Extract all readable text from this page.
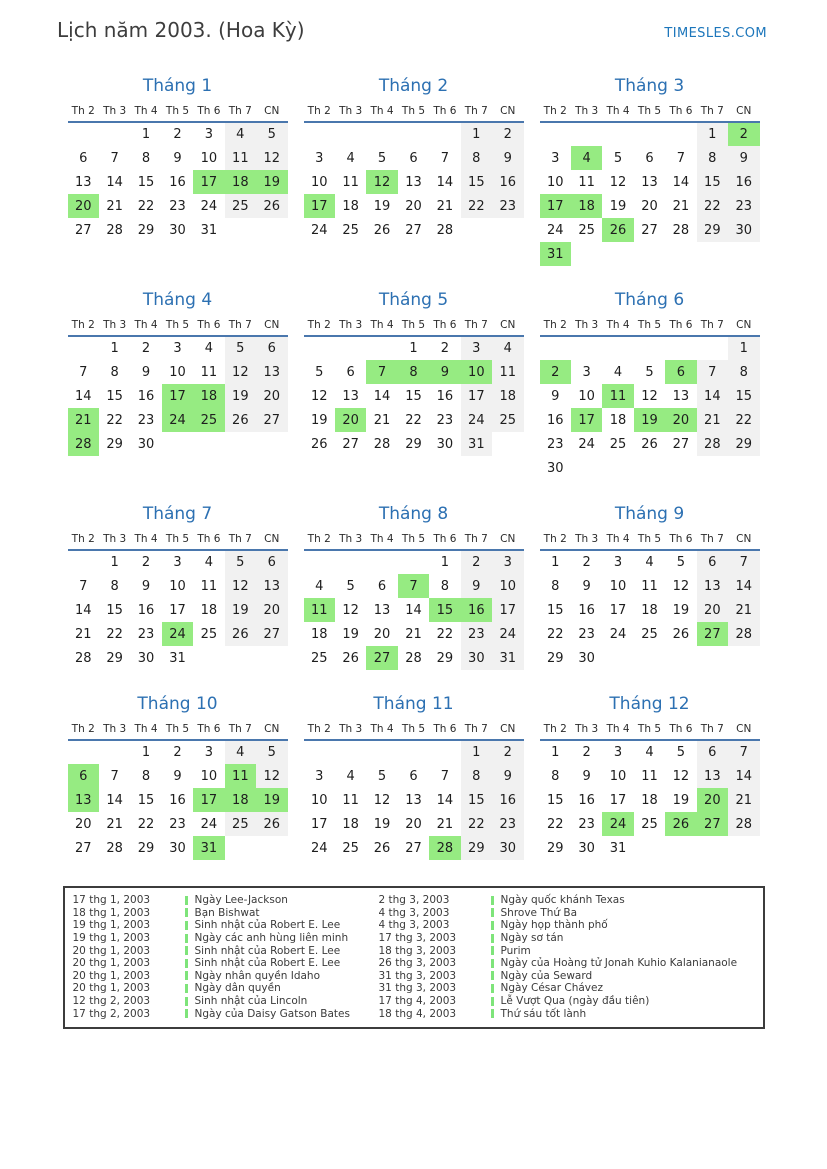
Lịch năm 2003. (Hoa Kỳ)	TIMESLES.COM
Tháng 1
Th 2	Th 3	Th 4	Th 5	Th 6	Th 7	CN
		1	2	3	4	5
6	7	8	9	10	11	12
13	14	15	16	17	18	19
20	21	22	23	24	25	26
27	28	29	30	31		
Tháng 2
Th 2	Th 3	Th 4	Th 5	Th 6	Th 7	CN
					1	2
3	4	5	6	7	8	9
10	11	12	13	14	15	16
17	18	19	20	21	22	23
24	25	26	27	28		
Tháng 3
Th 2	Th 3	Th 4	Th 5	Th 6	Th 7	CN
					1	2
3	4	5	6	7	8	9
10	11	12	13	14	15	16
17	18	19	20	21	22	23
24	25	26	27	28	29	30
31						
Tháng 4
Th 2	Th 3	Th 4	Th 5	Th 6	Th 7	CN
	1	2	3	4	5	6
7	8	9	10	11	12	13
14	15	16	17	18	19	20
21	22	23	24	25	26	27
28	29	30				
Tháng 5
Th 2	Th 3	Th 4	Th 5	Th 6	Th 7	CN
			1	2	3	4
5	6	7	8	9	10	11
12	13	14	15	16	17	18
19	20	21	22	23	24	25
26	27	28	29	30	31	
Tháng 6
Th 2	Th 3	Th 4	Th 5	Th 6	Th 7	CN
						1
2	3	4	5	6	7	8
9	10	11	12	13	14	15
16	17	18	19	20	21	22
23	24	25	26	27	28	29
30						
Tháng 7
Th 2	Th 3	Th 4	Th 5	Th 6	Th 7	CN
	1	2	3	4	5	6
7	8	9	10	11	12	13
14	15	16	17	18	19	20
21	22	23	24	25	26	27
28	29	30	31			
Tháng 8
Th 2	Th 3	Th 4	Th 5	Th 6	Th 7	CN
				1	2	3
4	5	6	7	8	9	10
11	12	13	14	15	16	17
18	19	20	21	22	23	24
25	26	27	28	29	30	31
Tháng 9
Th 2	Th 3	Th 4	Th 5	Th 6	Th 7	CN
1	2	3	4	5	6	7
8	9	10	11	12	13	14
15	16	17	18	19	20	21
22	23	24	25	26	27	28
29	30					
Tháng 10
Th 2	Th 3	Th 4	Th 5	Th 6	Th 7	CN
		1	2	3	4	5
6	7	8	9	10	11	12
13	14	15	16	17	18	19
20	21	22	23	24	25	26
27	28	29	30	31		
Tháng 11
Th 2	Th 3	Th 4	Th 5	Th 6	Th 7	CN
					1	2
3	4	5	6	7	8	9
10	11	12	13	14	15	16
17	18	19	20	21	22	23
24	25	26	27	28	29	30
Tháng 12
Th 2	Th 3	Th 4	Th 5	Th 6	Th 7	CN
1	2	3	4	5	6	7
8	9	10	11	12	13	14
15	16	17	18	19	20	21
22	23	24	25	26	27	28
29	30	31				
17 thg 1, 2003	Ngày Lee-Jackson
18 thg 1, 2003	Bạn Bishwat
19 thg 1, 2003	Sinh nhật của Robert E. Lee
19 thg 1, 2003	Ngày các anh hùng liên minh
20 thg 1, 2003	Sinh nhật của Robert E. Lee
20 thg 1, 2003	Sinh nhật của Robert E. Lee
20 thg 1, 2003	Ngày nhân quyền Idaho
20 thg 1, 2003	Ngày dân quyền
12 thg 2, 2003	Sinh nhật của Lincoln
17 thg 2, 2003	Ngày của Daisy Gatson Bates
2 thg 3, 2003	Ngày quốc khánh Texas
4 thg 3, 2003	Shrove Thứ Ba
4 thg 3, 2003	Ngày họp thành phố
17 thg 3, 2003	Ngày sơ tán
18 thg 3, 2003	Purim
26 thg 3, 2003	Ngày của Hoàng tử Jonah Kuhio Kalanianaole
31 thg 3, 2003	Ngày của Seward
31 thg 3, 2003	Ngày César Chávez
17 thg 4, 2003	Lễ Vượt Qua (ngày đầu tiên)
18 thg 4, 2003	Thứ sáu tốt lành
